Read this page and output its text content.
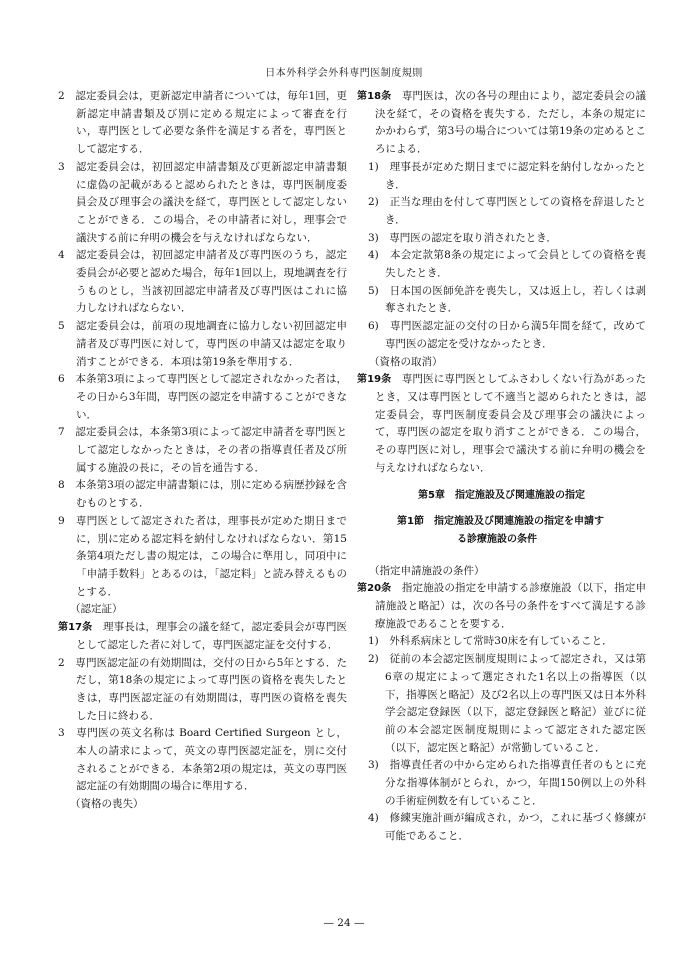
日本外科学会外科専門医制度規則

2　認定委員会は，更新認定申請者については，毎年1回，更新認定申請書類及び別に定める規定によって審査を行い，専門医として必要な条件を満足する者を，専門医として認定する．

3　認定委員会は，初回認定申請書類及び更新認定申請書類に虚偽の記載があると認められたときは，専門医制度委員会及び理事会の議決を経て，専門医として認定しないことができる．この場合，その申請者に対し，理事会で議決する前に弁明の機会を与えなければならない．

4　認定委員会は，初回認定申請者及び専門医のうち，認定委員会が必要と認めた場合，毎年1回以上，現地調査を行うものとし，当該初回認定申請者及び専門医はこれに協力しなければならない．

5　認定委員会は，前項の現地調査に協力しない初回認定申請者及び専門医に対して，専門医の申請又は認定を取り消すことができる．本項は第19条を準用する．

6　本条第3項によって専門医として認定されなかった者は，その日から3年間，専門医の認定を申請することができない．

7　認定委員会は，本条第3項によって認定申請者を専門医として認定しなかったときは，その者の指導責任者及び所属する施設の長に，その旨を通告する．

8　本条第3項の認定申請書類には，別に定める病歴抄録を含むものとする．

9　専門医として認定された者は，理事長が定めた期日までに，別に定める認定料を納付しなければならない．第15条第4項ただし書の規定は，この場合に準用し，同項中に「申請手数料」とあるのは，「認定料」と読み替えるものとする．

（認定証）

第17条　 理事長は，理事会の議を経て，認定委員会が専門医として認定した者に対して，専門医認定証を交付する．

2　専門医認定証の有効期間は，交付の日から5年とする．ただし，第18条の規定によって専門医の資格を喪失したときは，専門医認定証の有効期間は，専門医の資格を喪失した日に終わる．

3　専門医の英文名称は Board Certified Surgeon とし，本人の請求によって，英文の専門医認定証を，別に交付されることができる．本条第2項の規定は，英文の専門医認定証の有効期間の場合に準用する．

（資格の喪失）

第18条　 専門医は，次の各号の理由により，認定委員会の議決を経て，その資格を喪失する．ただし，本条の規定にかかわらず，第3号の場合については第19条の定めるところによる．

1)　理事長が定めた期日までに認定料を納付しなかったとき．

2)　正当な理由を付して専門医としての資格を辞退したとき．

3)　専門医の認定を取り消されたとき．

4)　本会定款第8条の規定によって会員としての資格を喪失したとき．

5)　日本国の医師免許を喪失し，又は返上し，若しくは剥奪されたとき．

6)　専門医認定証の交付の日から満5年間を経て，改めて専門医の認定を受けなかったとき．

（資格の取消）

第19条　 専門医に専門医としてふさわしくない行為があったとき，又は専門医として不適当と認められたときは，認定委員会，専門医制度委員会及び理事会の議決によって，専門医の認定を取り消すことができる．この場合，その専門医に対し，理事会で議決する前に弁明の機会を与えなければならない．

第5章　指定施設及び関連施設の指定

第1節　指定施設及び関連施設の指定を申請す
る診療施設の条件

（指定申請施設の条件）

第20条　 指定施設の指定を申請する診療施設（以下，指定申請施設と略記）は，次の各号の条件をすべて満足する診療施設であることを要する．

1)　外科系病床として常時30床を有していること．

2)　従前の本会認定医制度規則によって認定され，又は第6章の規定によって選定された1名以上の指導医（以下，指導医と略記）及び2名以上の専門医又は日本外科学会認定登録医（以下，認定登録医と略記）並びに従前の本会認定医制度規則によって認定された認定医（以下，認定医と略記）が常勤していること．

3)　指導責任者の中から定められた指導責任者のもとに充分な指導体制がとられ，かつ，年間150例以上の外科の手術症例数を有していること．

4)　修練実施計画が編成され，かつ，これに基づく修練が可能であること．

— 24 —
